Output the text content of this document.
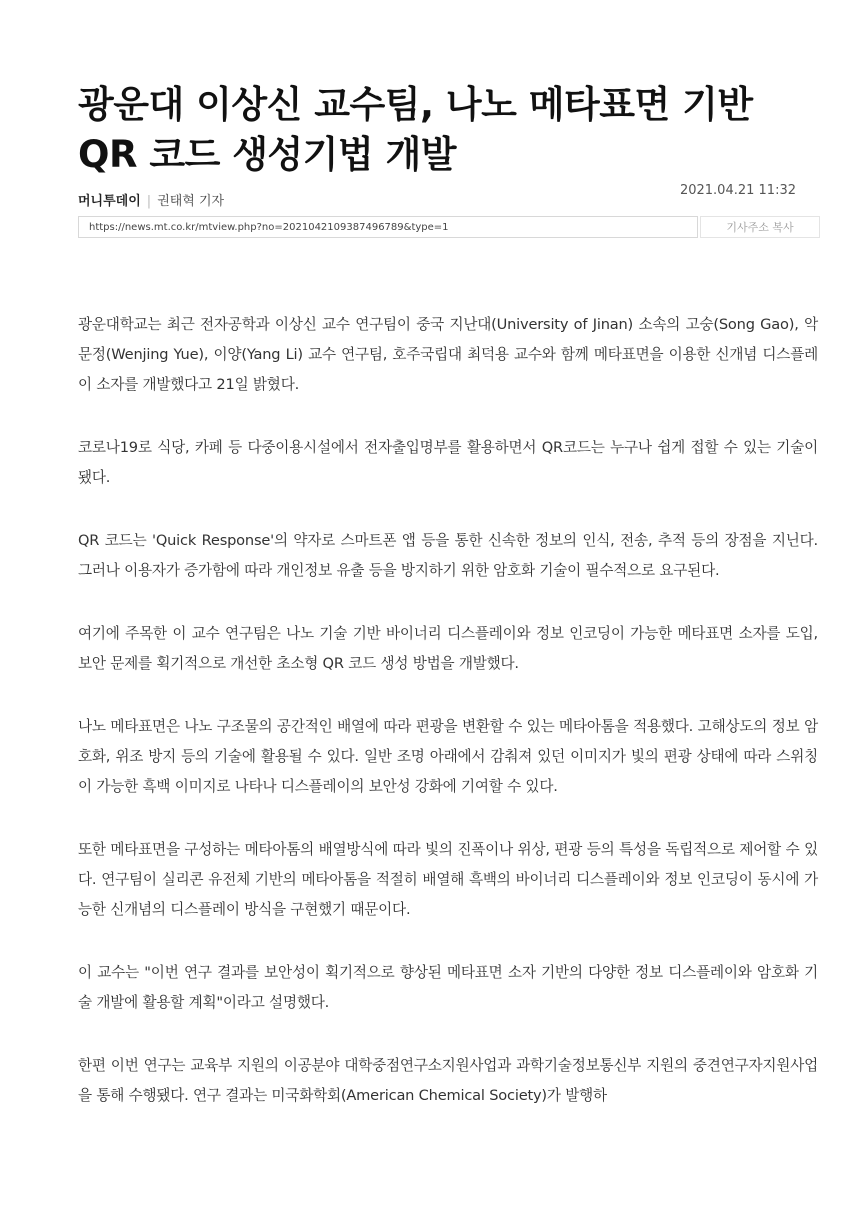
광운대 이상신 교수팀, 나노 메타표면 기반 QR 코드 생성기법 개발
머니투데이 | 권태혁 기자
2021.04.21 11:32
https://news.mt.co.kr/mtview.php?no=2021042109387496789&type=1
기사주소 복사

광운대학교는 최근 전자공학과 이상신 교수 연구팀이 중국 지난대(University of Jinan) 소속의 고숭(Song Gao), 악문정(Wenjing Yue), 이양(Yang Li) 교수 연구팀, 호주국립대 최덕용 교수와 함께 메타표면을 이용한 신개념 디스플레이 소자를 개발했다고 21일 밝혔다.

코로나19로 식당, 카페 등 다중이용시설에서 전자출입명부를 활용하면서 QR코드는 누구나 쉽게 접할 수 있는 기술이 됐다.

QR 코드는 'Quick Response'의 약자로 스마트폰 앱 등을 통한 신속한 정보의 인식, 전송, 추적 등의 장점을 지닌다. 그러나 이용자가 증가함에 따라 개인정보 유출 등을 방지하기 위한 암호화 기술이 필수적으로 요구된다.

여기에 주목한 이 교수 연구팀은 나노 기술 기반 바이너리 디스플레이와 정보 인코딩이 가능한 메타표면 소자를 도입, 보안 문제를 획기적으로 개선한 초소형 QR 코드 생성 방법을 개발했다.

나노 메타표면은 나노 구조물의 공간적인 배열에 따라 편광을 변환할 수 있는 메타아톰을 적용했다. 고해상도의 정보 암호화, 위조 방지 등의 기술에 활용될 수 있다. 일반 조명 아래에서 감춰져 있던 이미지가 빛의 편광 상태에 따라 스위칭이 가능한 흑백 이미지로 나타나 디스플레이의 보안성 강화에 기여할 수 있다.

또한 메타표면을 구성하는 메타아톰의 배열방식에 따라 빛의 진폭이나 위상, 편광 등의 특성을 독립적으로 제어할 수 있다. 연구팀이 실리콘 유전체 기반의 메타아톰을 적절히 배열해 흑백의 바이너리 디스플레이와 정보 인코딩이 동시에 가능한 신개념의 디스플레이 방식을 구현했기 때문이다.

이 교수는 "이번 연구 결과를 보안성이 획기적으로 향상된 메타표면 소자 기반의 다양한 정보 디스플레이와 암호화 기술 개발에 활용할 계획"이라고 설명했다.

한편 이번 연구는 교육부 지원의 이공분야 대학중점연구소지원사업과 과학기술정보통신부 지원의 중견연구자지원사업을 통해 수행됐다. 연구 결과는 미국화학회(American Chemical Society)가 발행하
